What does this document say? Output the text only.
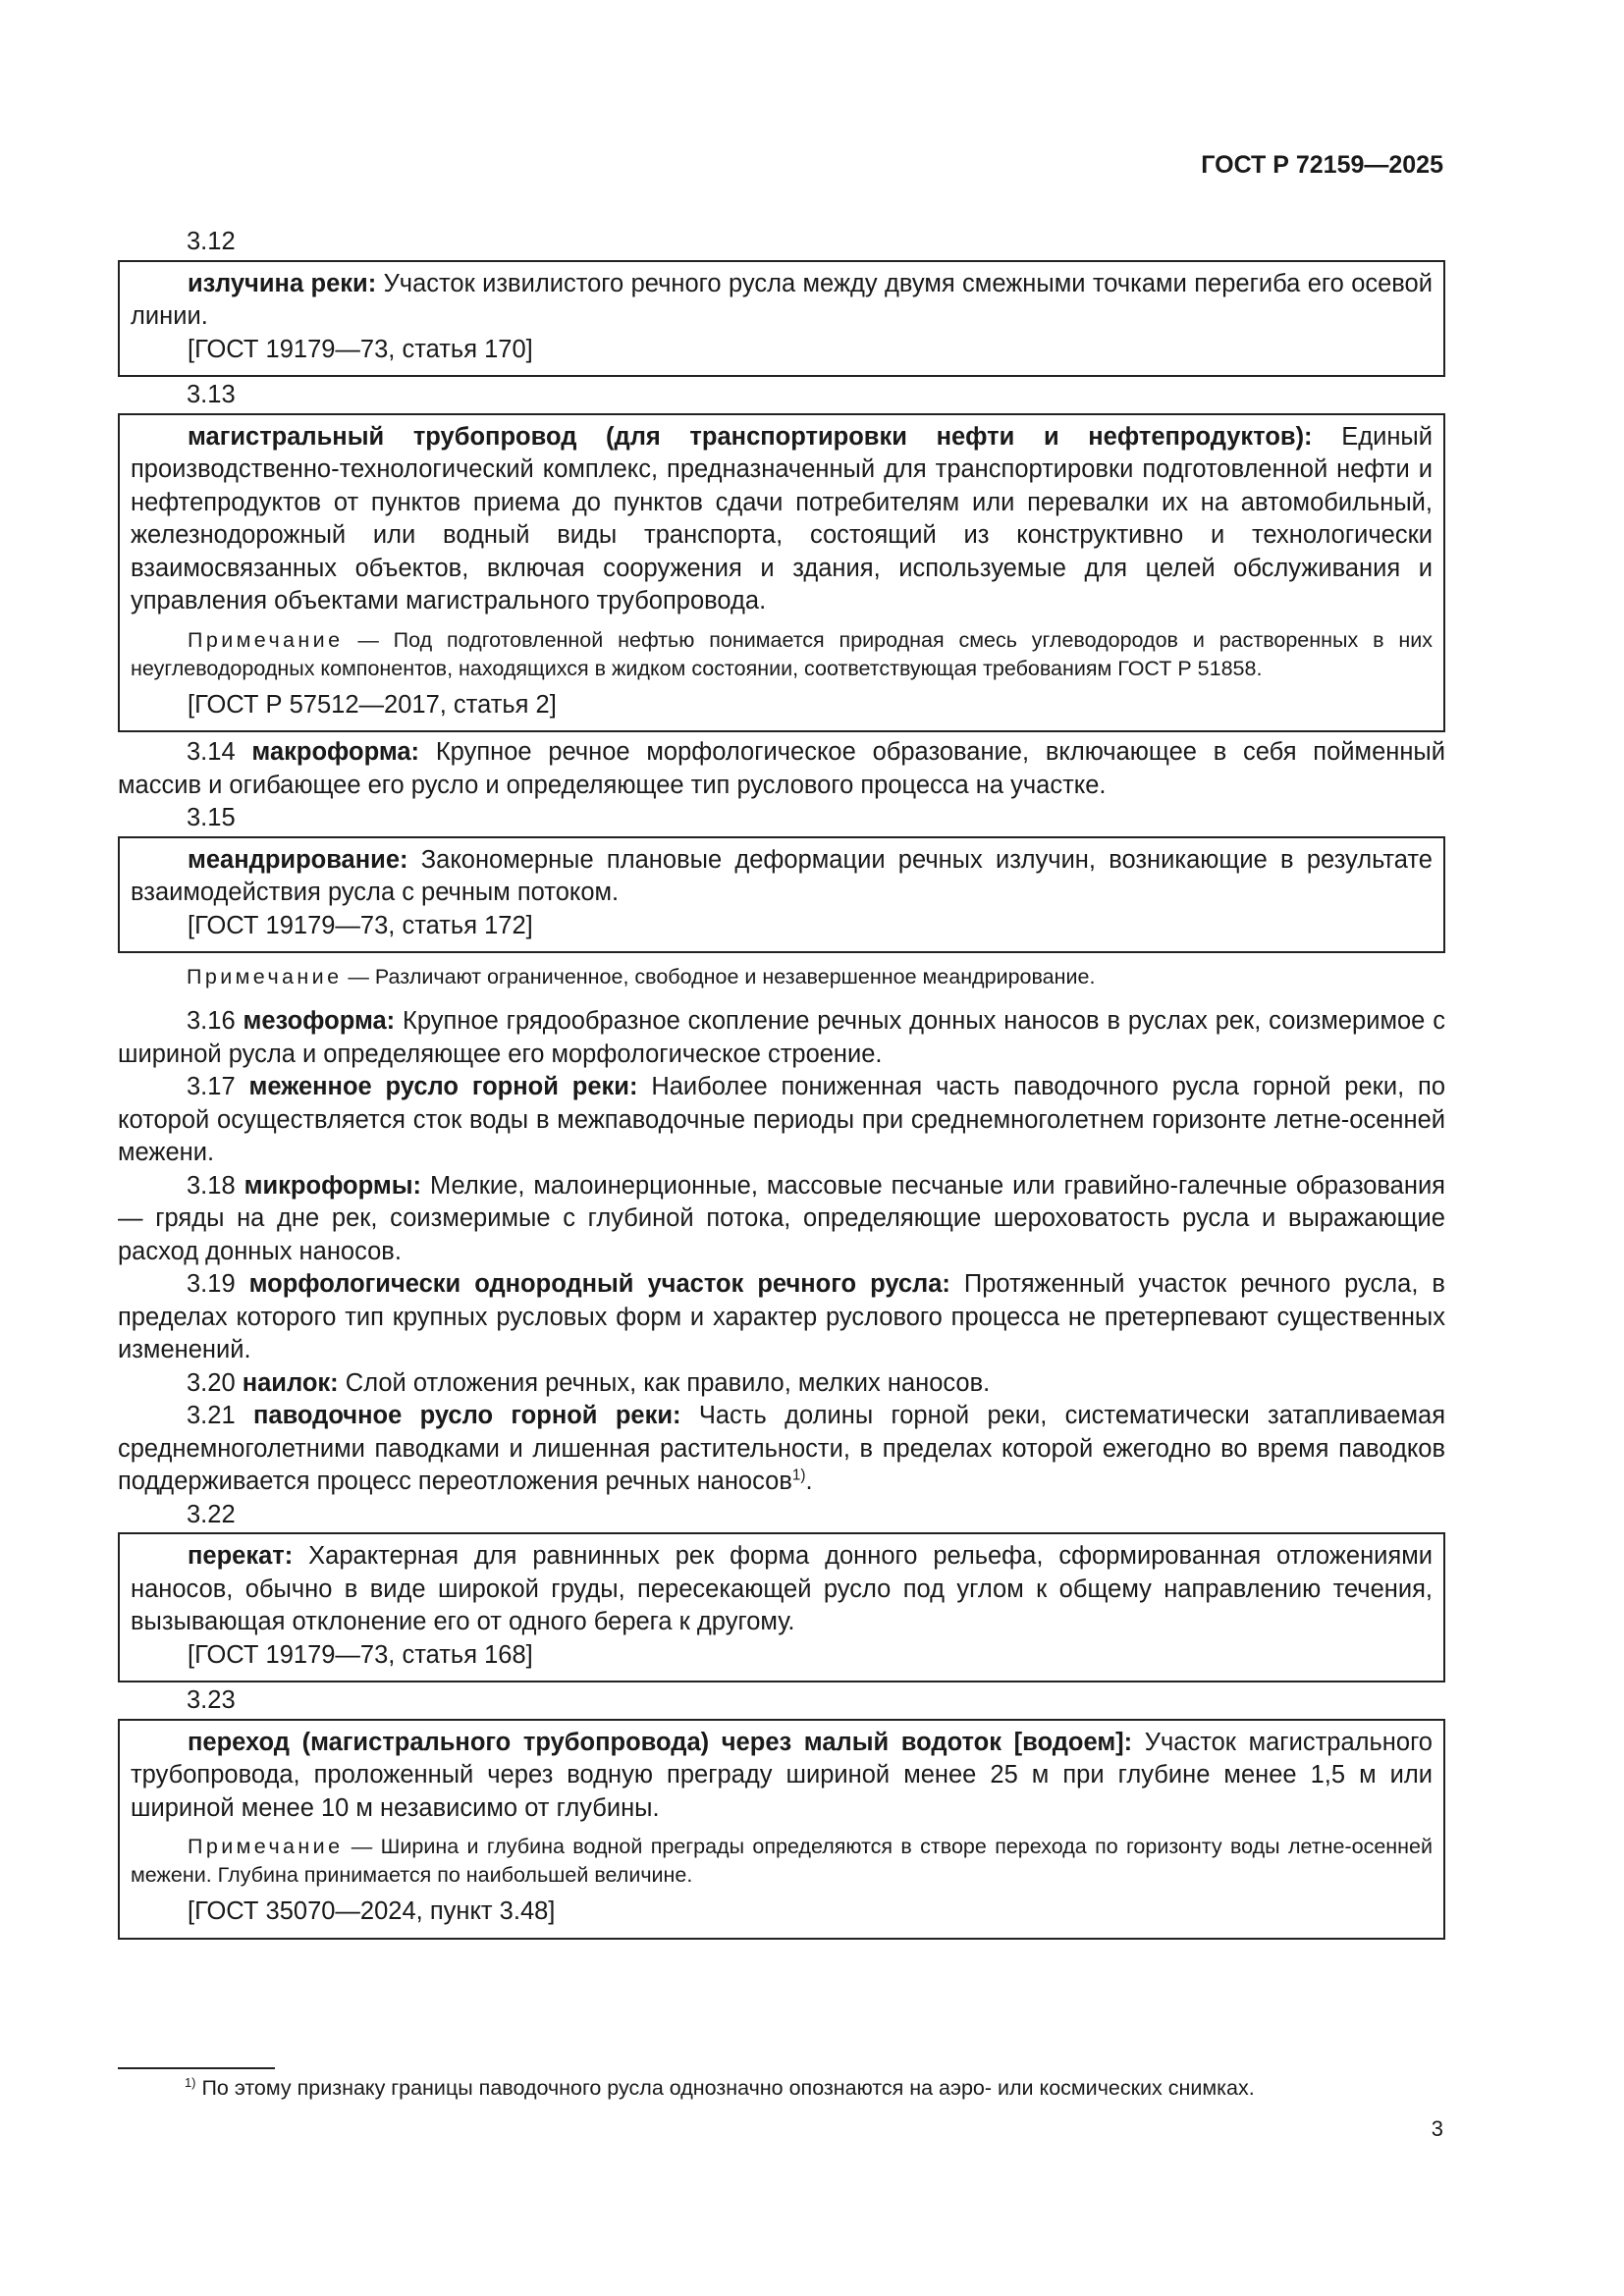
ГОСТ Р 72159—2025
3.12
излучина реки: Участок извилистого речного русла между двумя смежными точками перегиба его осевой линии.
[ГОСТ 19179—73, статья 170]
3.13
магистральный трубопровод (для транспортировки нефти и нефтепродуктов): Единый производственно-технологический комплекс, предназначенный для транспортировки подготовленной нефти и нефтепродуктов от пунктов приема до пунктов сдачи потребителям или перевалки их на автомобильный, железнодорожный или водный виды транспорта, состоящий из конструктивно и технологически взаимосвязанных объектов, включая сооружения и здания, используемые для целей обслуживания и управления объектами магистрального трубопровода.
Примечание — Под подготовленной нефтью понимается природная смесь углеводородов и растворенных в них неуглеводородных компонентов, находящихся в жидком состоянии, соответствующая требованиям ГОСТ Р 51858.
[ГОСТ Р 57512—2017, статья 2]
3.14 макроформа: Крупное речное морфологическое образование, включающее в себя пойменный массив и огибающее его русло и определяющее тип руслового процесса на участке.
3.15
меандрирование: Закономерные плановые деформации речных излучин, возникающие в результате взаимодействия русла с речным потоком.
[ГОСТ 19179—73, статья 172]
Примечание — Различают ограниченное, свободное и незавершенное меандрирование.
3.16 мезоформа: Крупное грядообразное скопление речных донных наносов в руслах рек, соизмеримое с шириной русла и определяющее его морфологическое строение.
3.17 меженное русло горной реки: Наиболее пониженная часть паводочного русла горной реки, по которой осуществляется сток воды в межпаводочные периоды при среднемноголетнем горизонте летне-осенней межени.
3.18 микроформы: Мелкие, малоинерционные, массовые песчаные или гравийно-галечные образования — гряды на дне рек, соизмеримые с глубиной потока, определяющие шероховатость русла и выражающие расход донных наносов.
3.19 морфологически однородный участок речного русла: Протяженный участок речного русла, в пределах которого тип крупных русловых форм и характер руслового процесса не претерпевают существенных изменений.
3.20 наилок: Слой отложения речных, как правило, мелких наносов.
3.21 паводочное русло горной реки: Часть долины горной реки, систематически затапливаемая среднемноголетними паводками и лишенная растительности, в пределах которой ежегодно во время паводков поддерживается процесс переотложения речных наносов$^{1)}$.
3.22
перекат: Характерная для равнинных рек форма донного рельефа, сформированная отложениями наносов, обычно в виде широкой груды, пересекающей русло под углом к общему направлению течения, вызывающая отклонение его от одного берега к другому.
[ГОСТ 19179—73, статья 168]
3.23
переход (магистрального трубопровода) через малый водоток [водоем]: Участок магистрального трубопровода, проложенный через водную преграду шириной менее 25 м при глубине менее 1,5 м или шириной менее 10 м независимо от глубины.
Примечание — Ширина и глубина водной преграды определяются в створе перехода по горизонту воды летне-осенней межени. Глубина принимается по наибольшей величине.
[ГОСТ 35070—2024, пункт 3.48]
$^{1)}$ По этому признаку границы паводочного русла однозначно опознаются на аэро- или космических снимках.
3
